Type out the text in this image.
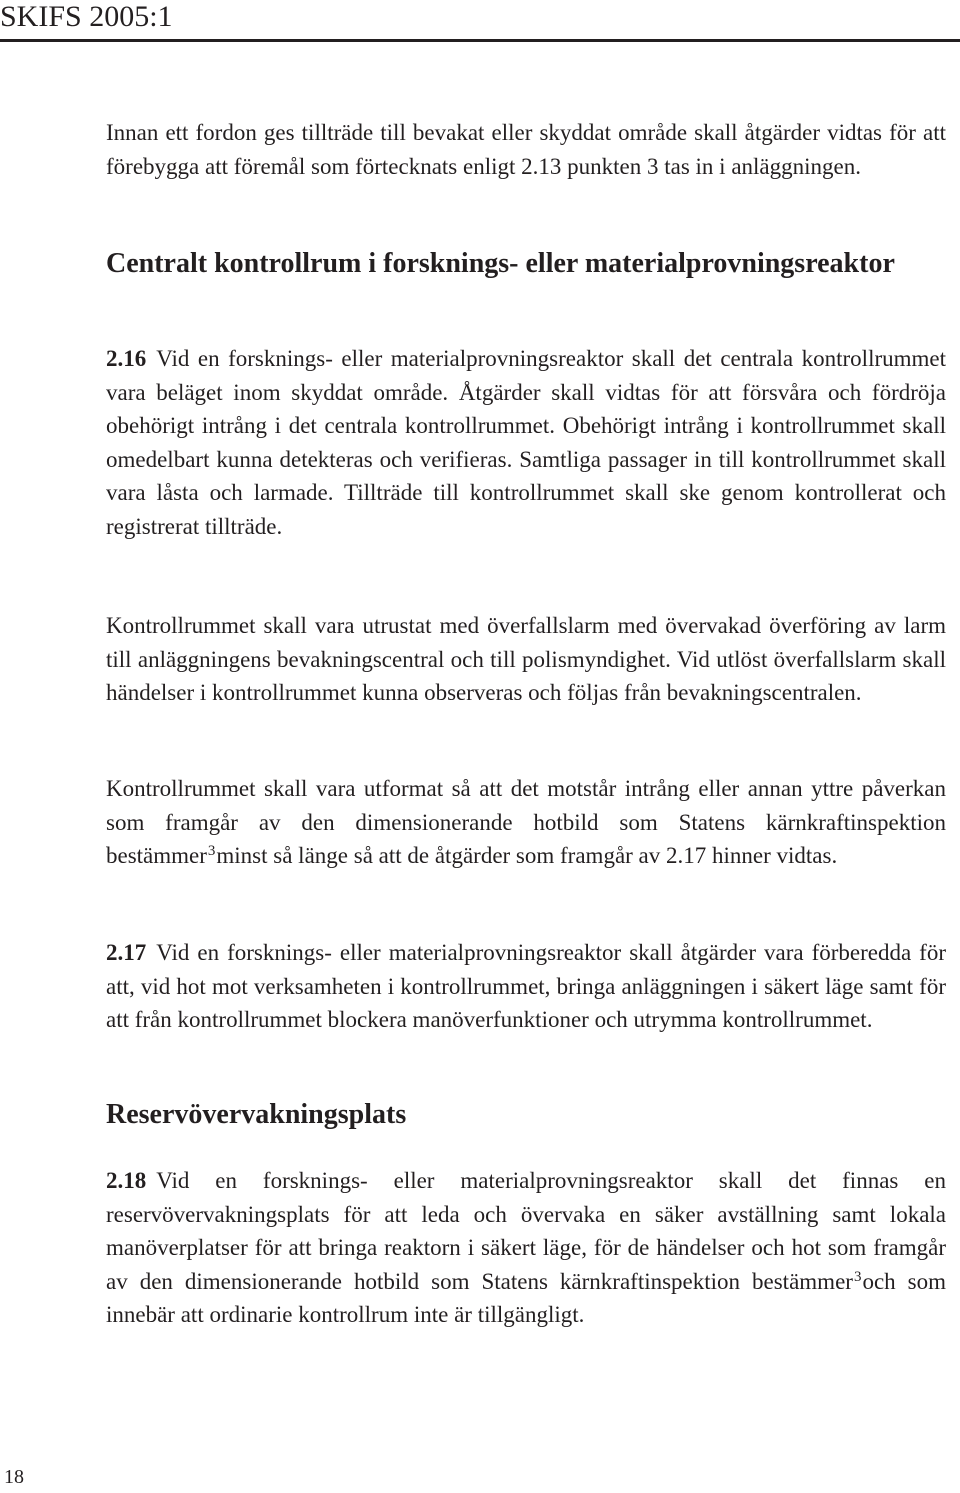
SKIFS 2005:1

Innan ett fordon ges tillträde till bevakat eller skyddat område skall åtgärder vidtas för att förebygga att föremål som förtecknats enligt 2.13 punkten 3 tas in i anläggningen.

Centralt kontrollrum i forsknings- eller materialprovningsreaktor

2.16 Vid en forsknings- eller materialprovningsreaktor skall det centrala kontrollrummet vara beläget inom skyddat område. Åtgärder skall vidtas för att försvåra och fördröja obehörigt intrång i det centrala kontrollrummet. Obehörigt intrång i kontrollrummet skall omedelbart kunna detekteras och verifieras. Samtliga passager in till kontrollrummet skall vara låsta och larmade. Tillträde till kontrollrummet skall ske genom kontrollerat och registrerat tillträde.

Kontrollrummet skall vara utrustat med överfallslarm med övervakad överföring av larm till anläggningens bevakningscentral och till polismyndighet. Vid utlöst överfallslarm skall händelser i kontrollrummet kunna observeras och följas från bevakningscentralen.

Kontrollrummet skall vara utformat så att det motstår intrång eller annan yttre påverkan som framgår av den dimensionerande hotbild som Statens kärnkraftinspektion bestämmer$^3$minst så länge så att de åtgärder som framgår av 2.17 hinner vidtas.

2.17 Vid en forsknings- eller materialprovningsreaktor skall åtgärder vara förberedda för att, vid hot mot verksamheten i kontrollrummet, bringa anläggningen i säkert läge samt för att från kontrollrummet blockera manöverfunktioner och utrymma kontrollrummet.

Reservövervakningsplats

2.18 Vid en forsknings- eller materialprovningsreaktor skall det finnas en reservövervakningsplats för att leda och övervaka en säker avställning samt lokala manöverplatser för att bringa reaktorn i säkert läge, för de händelser och hot som framgår av den dimensionerande hotbild som Statens kärnkraftinspektion bestämmer$^3$och som innebär att ordinarie kontrollrum inte är tillgängligt.

18
